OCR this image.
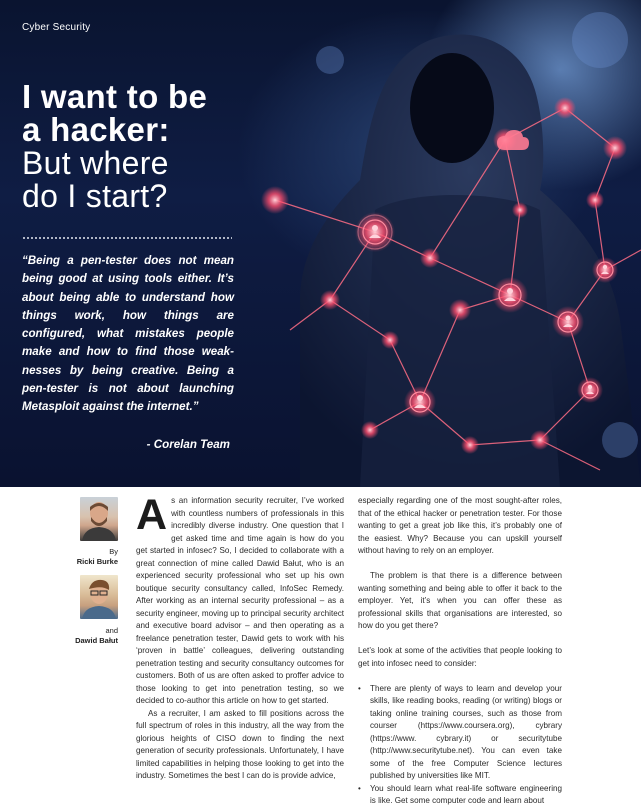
Cyber Security
I want to be
a hacker:
But where
do I start?
“Being a pen-tester does not mean being good at using tools either. It’s about being able to understand how things work, how things are configured, what mistakes people make and how to find those weak-nesses by being creative. Being a pen-tester is not about launching Metasploit against the internet.”
- Corelan Team
By
Ricki Burke
and
Dawid Bałut
A s an information security recruiter, I’ve worked with countless numbers of professionals in this incredibly diverse industry. One question that I get asked time and time again is how do you get started in infosec? So, I decided to collaborate with a great connection of mine called Dawid Bałut, who is an experienced security professional who set up his own boutique security consultancy called, InfoSec Remedy. After working as an internal security professional – as a security engineer, moving up to principal security architect and executive board advisor – and then operating as a freelance penetration tester, Dawid gets to work with his ‘proven in battle’ colleagues, delivering outstanding penetration testing and security consultancy outcomes for customers. Both of us are often asked to proffer advice to those looking to get into penetration testing, so we decided to co-author this article on how to get started.

As a recruiter, I am asked to fill positions across the full spectrum of roles in this industry, all the way from the glorious heights of CISO down to finding the next generation of security professionals. Unfortunately, I have limited capabilities in helping those looking to get into the industry. Sometimes the best I can do is provide advice,

especially regarding one of the most sought-after roles, that of the ethical hacker or penetration tester. For those wanting to get a great job like this, it’s probably one of the easiest. Why? Because you can upskill yourself without having to rely on an employer.

The problem is that there is a difference between wanting something and being able to offer it back to the employer. Yet, it’s when you can offer these as professional skills that organisations are interested, so how do you get there?

Let’s look at some of the activities that people looking to get into infosec need to consider:

• There are plenty of ways to learn and develop your skills, like reading books, reading (or writing) blogs or taking online training courses, such as those from courser (https://www.coursera.org), cybrary (https://www. cybrary.it) or securitytube (http://www.securitytube.net). You can even take some of the free Computer Science lectures published by universities like MIT.
• You should learn what real-life software engineering is like. Get some computer code and learn about
